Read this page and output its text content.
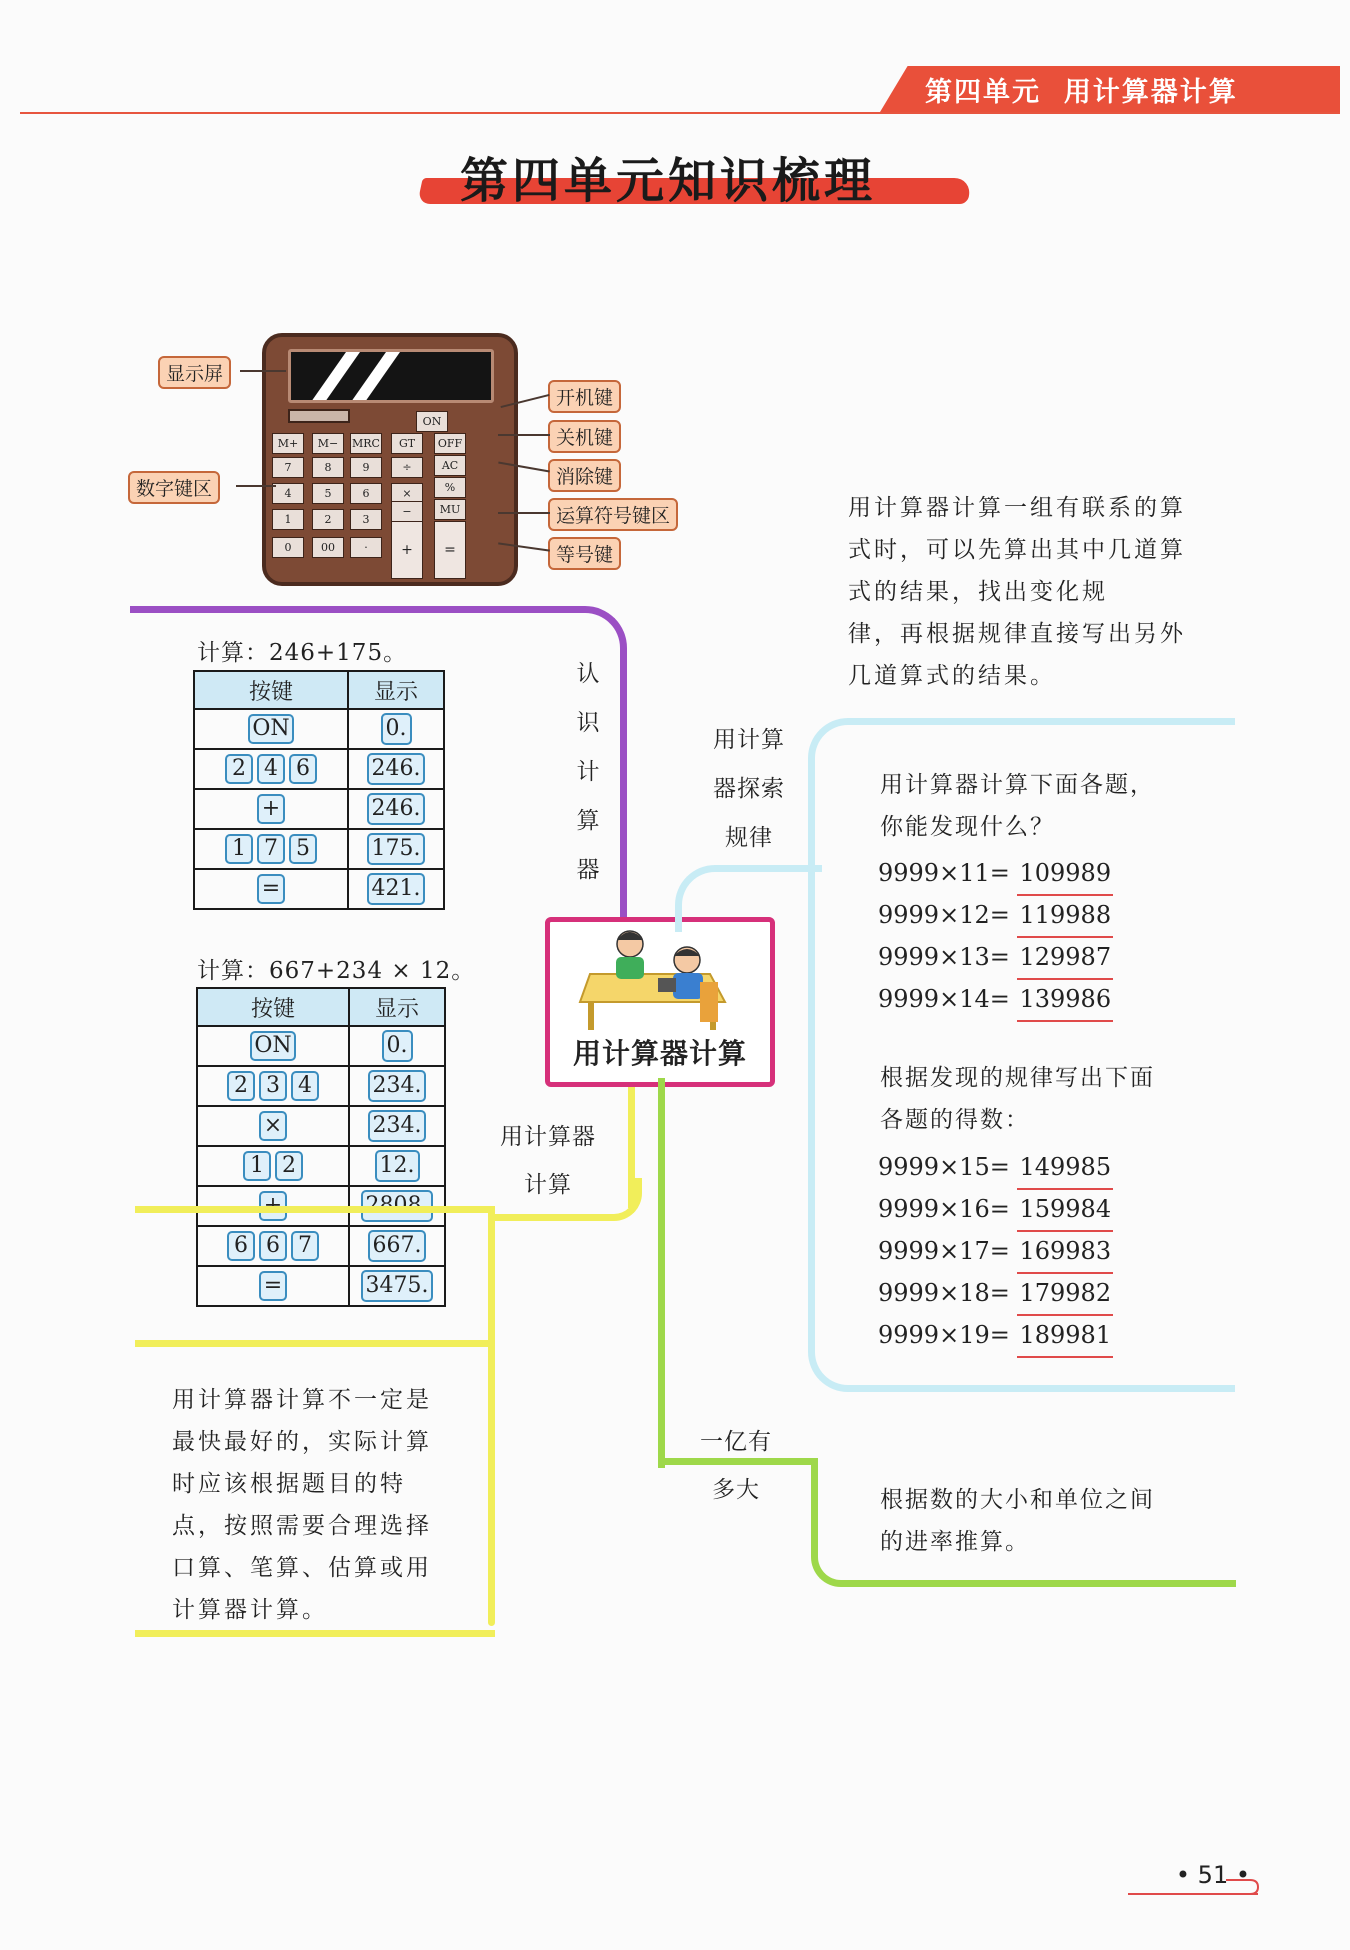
第四单元 用计算器计算
第四单元知识梳理
ON
M+	M−	MRC	GT	OFF
7	8	9	÷	AC
4	5	6	×	%
1	2	3
−	MU
0	00	·	+	=
显示屏
数字键区
开机键
关机键
消除键
运算符号键区
等号键
认
识
计
算
器
计算：246+175。
按键	显示
ON	0.
2 4 6	246.
+	246.
1 7 5	175.
=	421.
计算：667+234 × 12。
按键	显示
ON	0.
2 3 4	234.
×	234.
1 2	12.
+	2808.
6 6 7	667.
=	3475.
用计算器
计算
用计算器计算不一定是
最快最好的，实际计算
时应该根据题目的特
点，按照需要合理选择
口算、笔算、估算或用
计算器计算。
用计算器计算
用计算
器探索
规律
用计算器计算一组有联系的算
式时，可以先算出其中几道算
式的结果，找出变化规
律，再根据规律直接写出另外
几道算式的结果。
用计算器计算下面各题，
你能发现什么？
9999×11= 109989
9999×12= 119988
9999×13= 129987
9999×14= 139986
根据发现的规律写出下面
各题的得数：
9999×15= 149985
9999×16= 159984
9999×17= 169983
9999×18= 179982
9999×19= 189981
一亿有
多大	根据数的大小和单位之间
的进率推算。
• 51 •
